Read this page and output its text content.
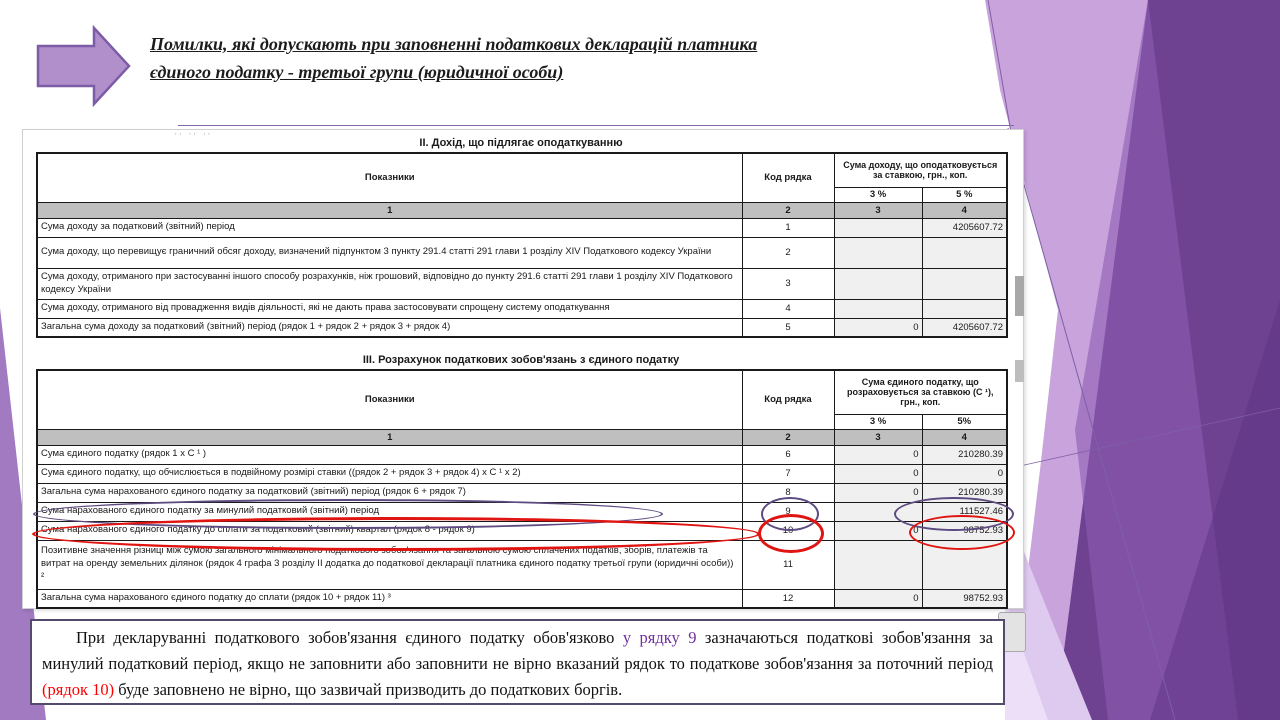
Помилки, які допускають при заповненні податкових декларацій платника
єдиного податку - третьої групи (юридичної особи)
'' '' ''
II. Дохід, що підлягає оподаткуванню
Показники	Код рядка	Сума доходу, що оподатковується за ставкою, грн., коп.	
		3 %	5 %
1	2	3	4
Сума доходу за податковий (звітний) період	1		4205607.72
Сума доходу, що перевищує граничний обсяг доходу, визначений підпунктом 3 пункту 291.4 статті 291 глави 1 розділу XIV Податкового кодексу України	2		
Сума доходу, отриманого при застосуванні іншого способу розрахунків, ніж грошовий, відповідно до пункту 291.6 статті 291 глави 1 розділу XIV Податкового кодексу України	3		
Сума доходу, отриманого від провадження видів діяльності, які не дають права застосовувати спрощену систему оподаткування	4		
Загальна сума доходу за податковий (звітний) період (рядок 1 + рядок 2 + рядок 3 + рядок 4)	5	0	4205607.72
III. Розрахунок податкових зобов'язань з єдиного податку
Показники	Код рядка	Сума єдиного податку, що розраховується за ставкою (С ¹), грн., коп.	
		3 %	5%
1	2	3	4
Сума єдиного податку (рядок 1 х С ¹ )	6	0	210280.39
Сума єдиного податку, що обчислюється в подвійному розмірі ставки ((рядок 2 + рядок 3 + рядок 4) х С ¹ х 2)	7	0	0
Загальна сума нарахованого єдиного податку за податковий (звітний) період (рядок 6 + рядок 7)	8	0	210280.39
Сума нарахованого єдиного податку за минулий податковий (звітний) період	9		111527.46

Сума нарахованого єдиного податку до сплати за податковий (звітний) квартал (рядок 8 - рядок 9)	10	0	98752.93

Позитивне значення різниці між сумою загального мінімального податкового зобов'язання та загальною сумою сплачених податків, зборів, платежів та витрат на оренду земельних ділянок (рядок 4 графа 3 розділу II додатка до податкової декларації платника єдиного податку третьої групи (юридичні особи)) ²	11		
Загальна сума нарахованого єдиного податку до сплати (рядок 10 + рядок 11) ³	12	0	98752.93

При декларуванні податкового зобов'язання єдиного податку обов'язково у рядку 9 зазначаються податкові зобов'язання за минулий податковий період, якщо не заповнити або заповнити не вірно вказаний рядок то податкове зобов'язання за поточний період (рядок 10) буде заповнено не вірно, що зазвичай призводить до податкових боргів.
